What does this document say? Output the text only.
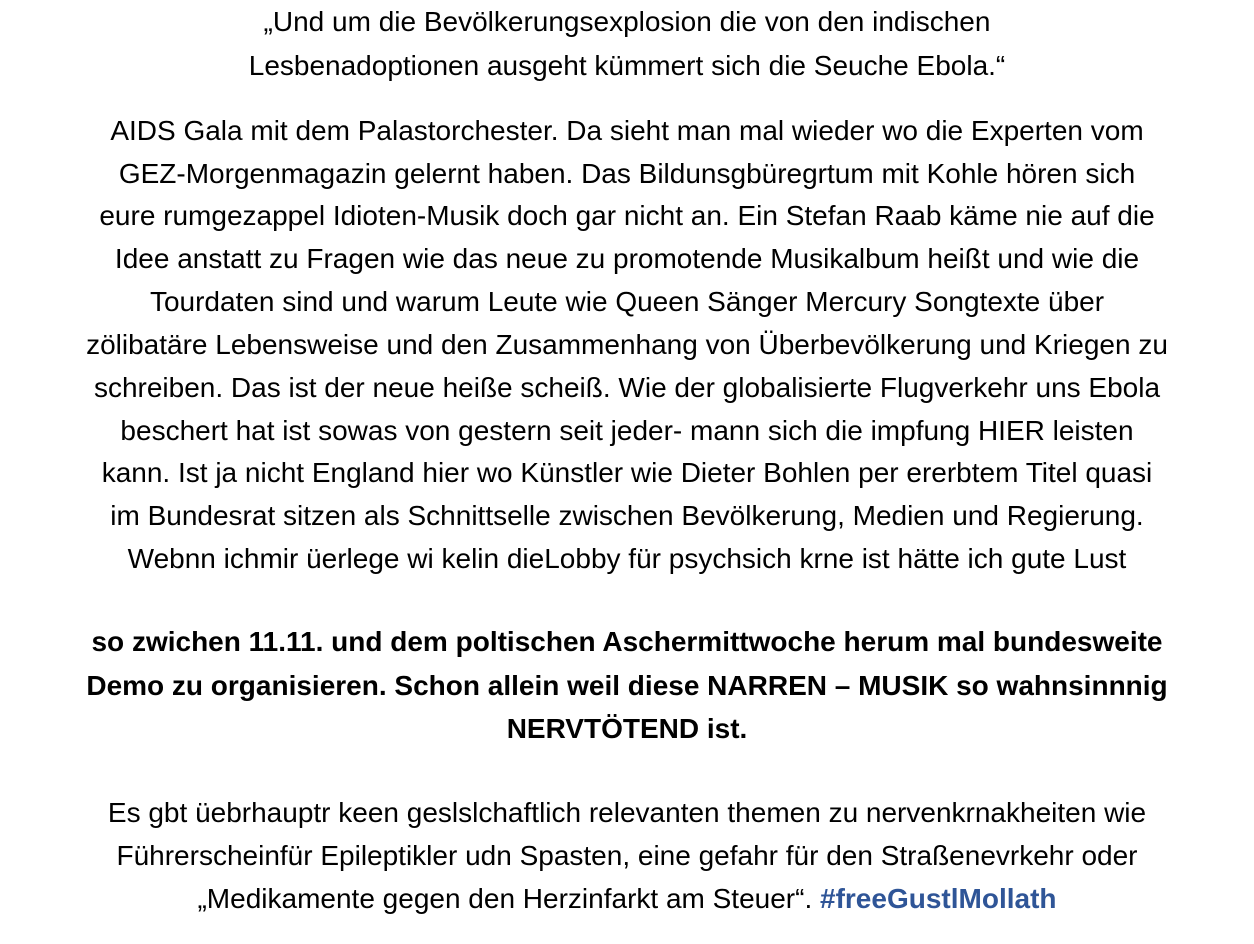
„Und um die Bevölkerungsexplosion die von den indischen
Lesbenadoptionen ausgeht kümmert sich die Seuche Ebola.“
AIDS Gala mit dem Palastorchester. Da sieht man mal wieder wo die Experten vom
GEZ-Morgenmagazin gelernt haben. Das Bildunsgbüregrtum mit Kohle hören sich
eure rumgezappel Idioten-Musik doch gar nicht an. Ein Stefan Raab käme nie auf die
Idee anstatt zu Fragen wie das neue zu promotende Musikalbum heißt und wie die
Tourdaten sind und warum Leute wie Queen Sänger Mercury Songtexte über
zölibatäre Lebensweise und den Zusammenhang von Überbevölkerung und Kriegen zu
schreiben. Das ist der neue heiße scheiß. Wie der globalisierte Flugverkehr uns Ebola
beschert hat ist sowas von gestern seit jeder- mann sich die impfung HIER leisten
kann. Ist ja nicht England hier wo Künstler wie Dieter Bohlen per ererbtem Titel quasi
im Bundesrat sitzen als Schnittselle zwischen Bevölkerung, Medien und Regierung.
Webnn ichmir üerlege wi kelin dieLobby für psychsich krne ist hätte ich gute Lust
so zwichen 11.11. und dem poltischen Aschermittwoche herum mal bundesweite
Demo zu organisieren. Schon allein weil diese NARREN – MUSIK so wahnsinnnig
NERVTÖTEND ist.
Es gbt üebrhauptr keen geslslchaftlich relevanten themen zu nervenkrnakheiten wie
Führerscheinfür Epileptikler udn Spasten, eine gefahr für den Straßenevrkehr oder
„Medikamente gegen den Herzinfarkt am Steuer“. #freeGustlMollath
